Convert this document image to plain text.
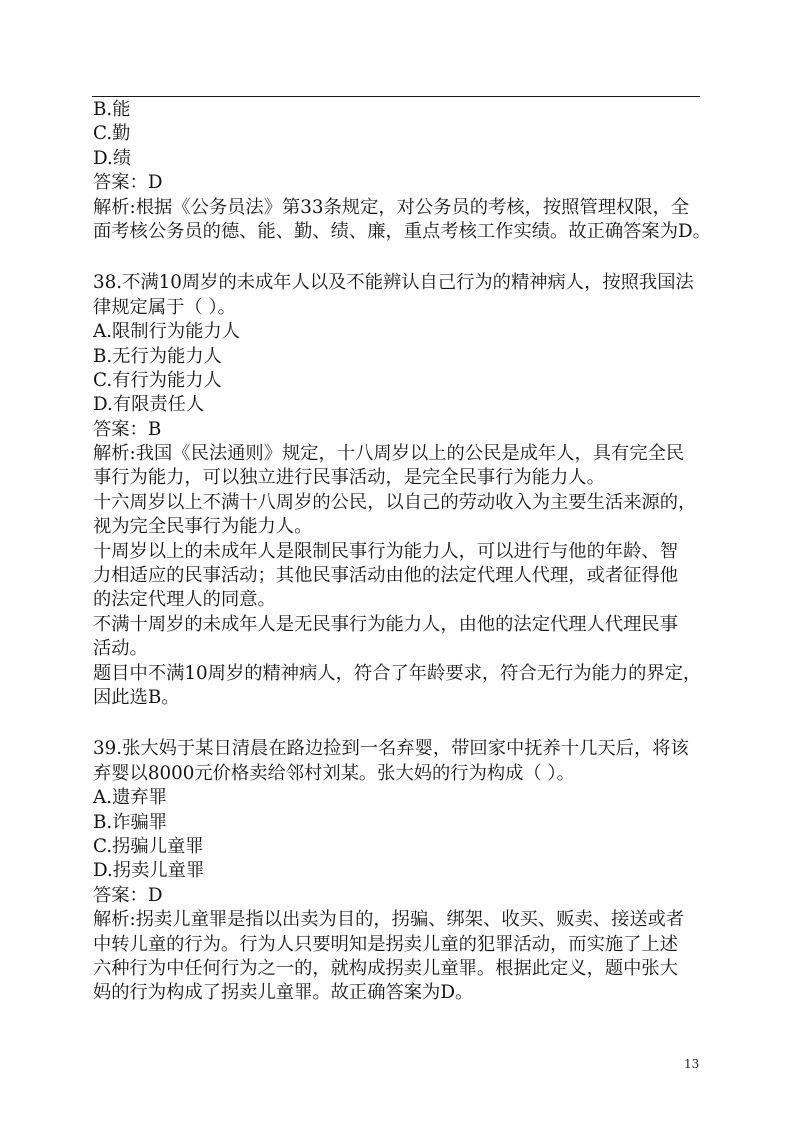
B.能
C.勤
D.绩
答案：D
解析:根据《公务员法》第33条规定，对公务员的考核，按照管理权限，全
面考核公务员的德、能、勤、绩、廉，重点考核工作实绩。故正确答案为D。
38.不满10周岁的未成年人以及不能辨认自己行为的精神病人，按照我国法
律规定属于（ ）。
A.限制行为能力人
B.无行为能力人
C.有行为能力人
D.有限责任人
答案：B
解析:我国《民法通则》规定，十八周岁以上的公民是成年人，具有完全民
事行为能力，可以独立进行民事活动，是完全民事行为能力人。
十六周岁以上不满十八周岁的公民，以自己的劳动收入为主要生活来源的，
视为完全民事行为能力人。
十周岁以上的未成年人是限制民事行为能力人，可以进行与他的年龄、智
力相适应的民事活动；其他民事活动由他的法定代理人代理，或者征得他
的法定代理人的同意。
不满十周岁的未成年人是无民事行为能力人，由他的法定代理人代理民事
活动。
题目中不满10周岁的精神病人，符合了年龄要求，符合无行为能力的界定，
因此选B。
39.张大妈于某日清晨在路边捡到一名弃婴，带回家中抚养十几天后，将该
弃婴以8000元价格卖给邻村刘某。张大妈的行为构成（ ）。
A.遗弃罪
B.诈骗罪
C.拐骗儿童罪
D.拐卖儿童罪
答案：D
解析:拐卖儿童罪是指以出卖为目的，拐骗、绑架、收买、贩卖、接送或者
中转儿童的行为。行为人只要明知是拐卖儿童的犯罪活动，而实施了上述
六种行为中任何行为之一的，就构成拐卖儿童罪。根据此定义，题中张大
妈的行为构成了拐卖儿童罪。故正确答案为D。
13
